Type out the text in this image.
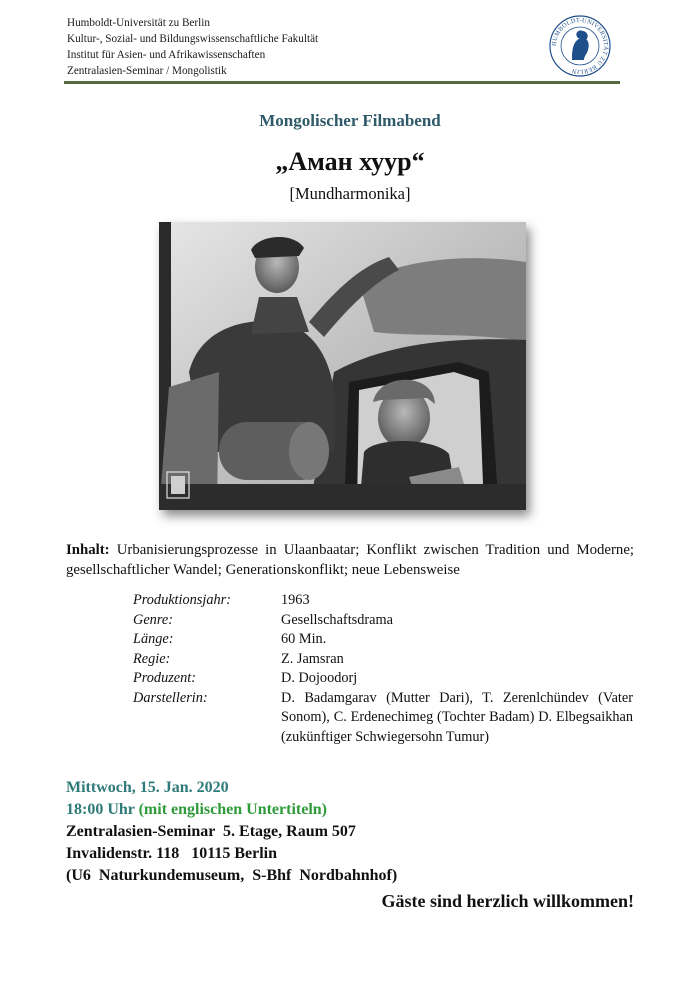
Humboldt-Universität zu Berlin
Kultur-, Sozial- und Bildungswissenschaftliche Fakultät
Institut für Asien- und Afrikawissenschaften
Zentralasien-Seminar / Mongolistik
HUMBOLDT-UNIVERSITÄT ZU BERLIN
Mongolischer Filmabend
„Аман хуур“
[Mundharmonika]
Inhalt: Urbanisierungsprozesse in Ulaanbaatar; Konflikt zwischen Tradition und Moderne; gesellschaftlicher Wandel; Generationskonflikt; neue Lebensweise
Produktionsjahr:	1963
Genre:	Gesellschaftsdrama
Länge:	60 Min.
Regie:	Z. Jamsran
Produzent:	D. Dojoodorj
Darstellerin:	D. Badamgarav (Mutter Dari), T. Zerenlchündev (Vater Sonom), C. Erdenechimeg (Tochter Badam) D. Elbegsaikhan (zukünftiger Schwiegersohn Tumur)
Mittwoch, 15. Jan. 2020
18:00 Uhr (mit englischen Untertiteln)
Zentralasien-Seminar  5. Etage, Raum 507
Invalidenstr. 118   10115 Berlin
(U6  Naturkundemuseum,  S-Bhf  Nordbahnhof)
Gäste sind herzlich willkommen!
